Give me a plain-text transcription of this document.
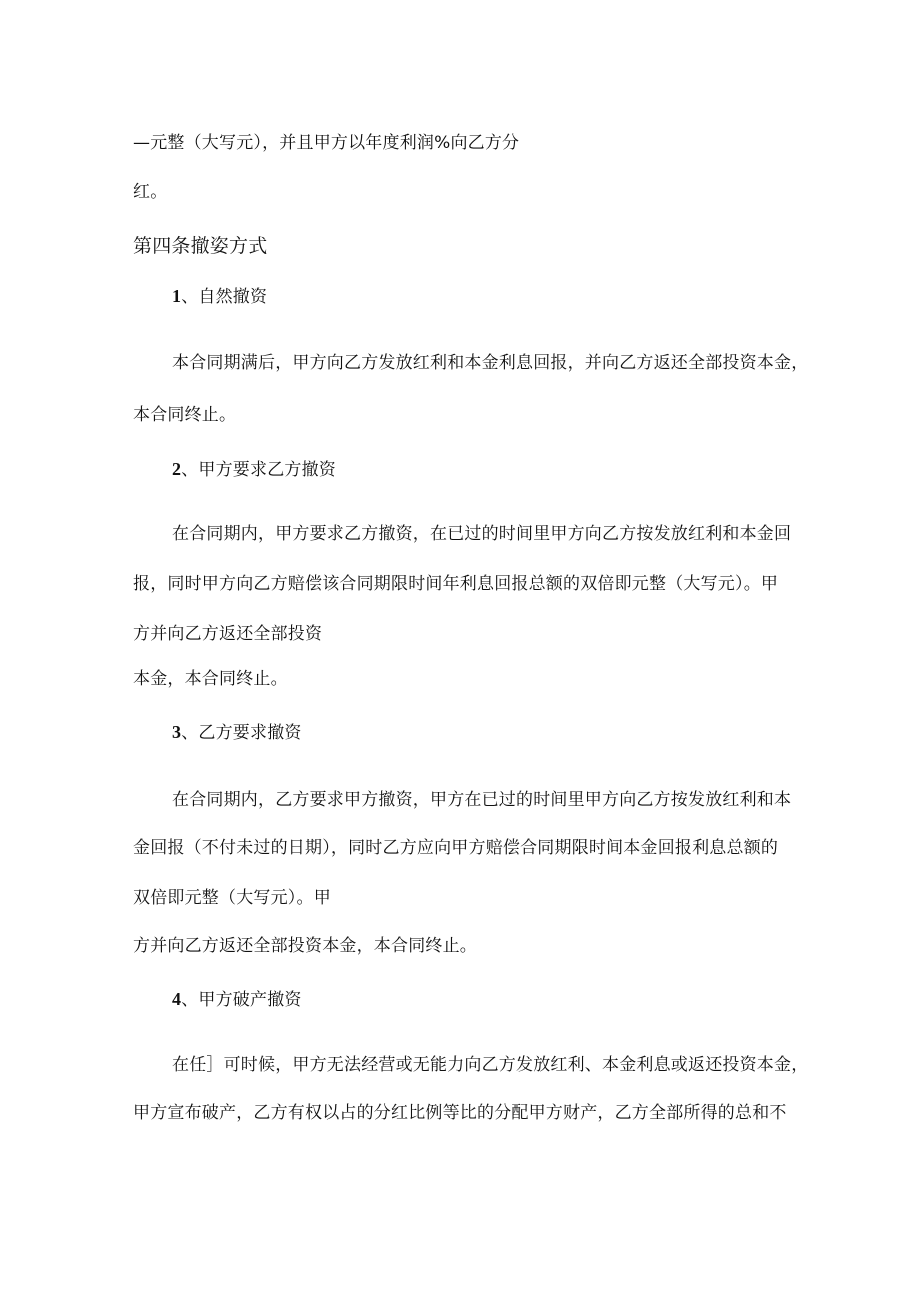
—元整（大写元），并且甲方以年度利润%向乙方分
红。
第四条撤姿方式
1、自然撤资
本合同期满后，甲方向乙方发放红利和本金利息回报，并向乙方返还全部投资本金，
本合同终止。
2、甲方要求乙方撤资
在合同期内，甲方要求乙方撤资，在已过的时间里甲方向乙方按发放红利和本金回
报，同时甲方向乙方赔偿该合同期限时间年利息回报总额的双倍即元整（大写元）。甲
方并向乙方返还全部投资
本金，本合同终止。
3、乙方要求撤资
在合同期内，乙方要求甲方撤资，甲方在已过的时间里甲方向乙方按发放红利和本
金回报（不付未过的日期），同时乙方应向甲方赔偿合同期限时间本金回报利息总额的
双倍即元整（大写元）。甲
方并向乙方返还全部投资本金，本合同终止。
4、甲方破产撤资
在任］可时候，甲方无法经营或无能力向乙方发放红利、本金利息或返还投资本金，
甲方宣布破产，乙方有权以占的分红比例等比的分配甲方财产，乙方全部所得的总和不
